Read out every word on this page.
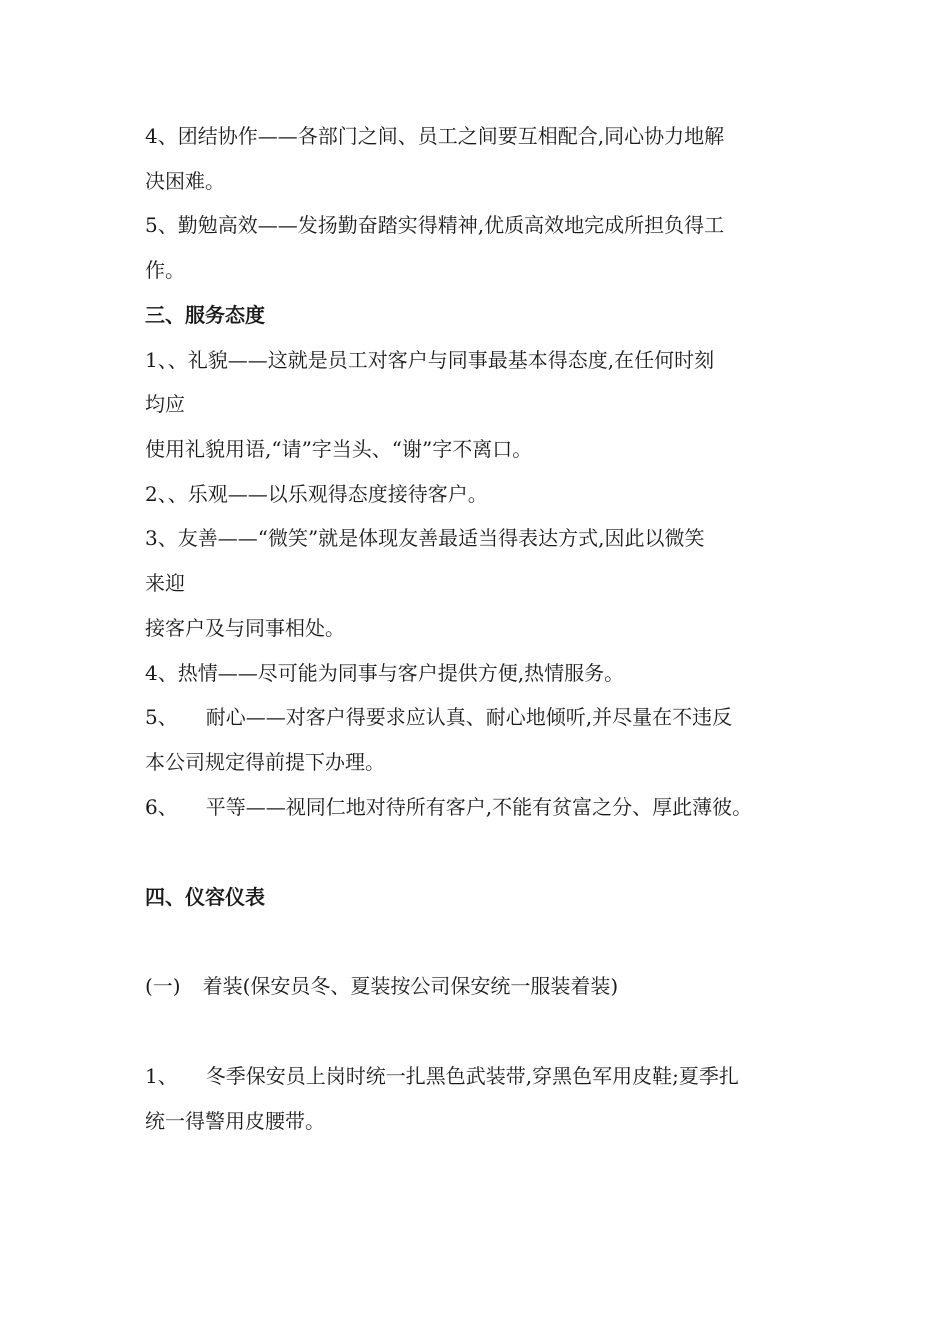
4、团结协作——各部门之间、员工之间要互相配合,同心协力地解
决困难。
5、勤勉高效——发扬勤奋踏实得精神,优质高效地完成所担负得工
作。
三、服务态度
1、、礼貌——这就是员工对客户与同事最基本得态度,在任何时刻
均应
使用礼貌用语,“请”字当头、“谢”字不离口。
2、、乐观——以乐观得态度接待客户。
3、友善——“微笑”就是体现友善最适当得表达方式,因此以微笑
来迎
接客户及与同事相处。
4、热情——尽可能为同事与客户提供方便,热情服务。
5、 耐心——对客户得要求应认真、耐心地倾听,并尽量在不违反
本公司规定得前提下办理。
6、 平等——视同仁地对待所有客户,不能有贫富之分、厚此薄彼。
四、仪容仪表
(一) 着装(保安员冬、夏装按公司保安统一服装着装)
1、 冬季保安员上岗时统一扎黑色武装带,穿黑色军用皮鞋;夏季扎
统一得警用皮腰带。
